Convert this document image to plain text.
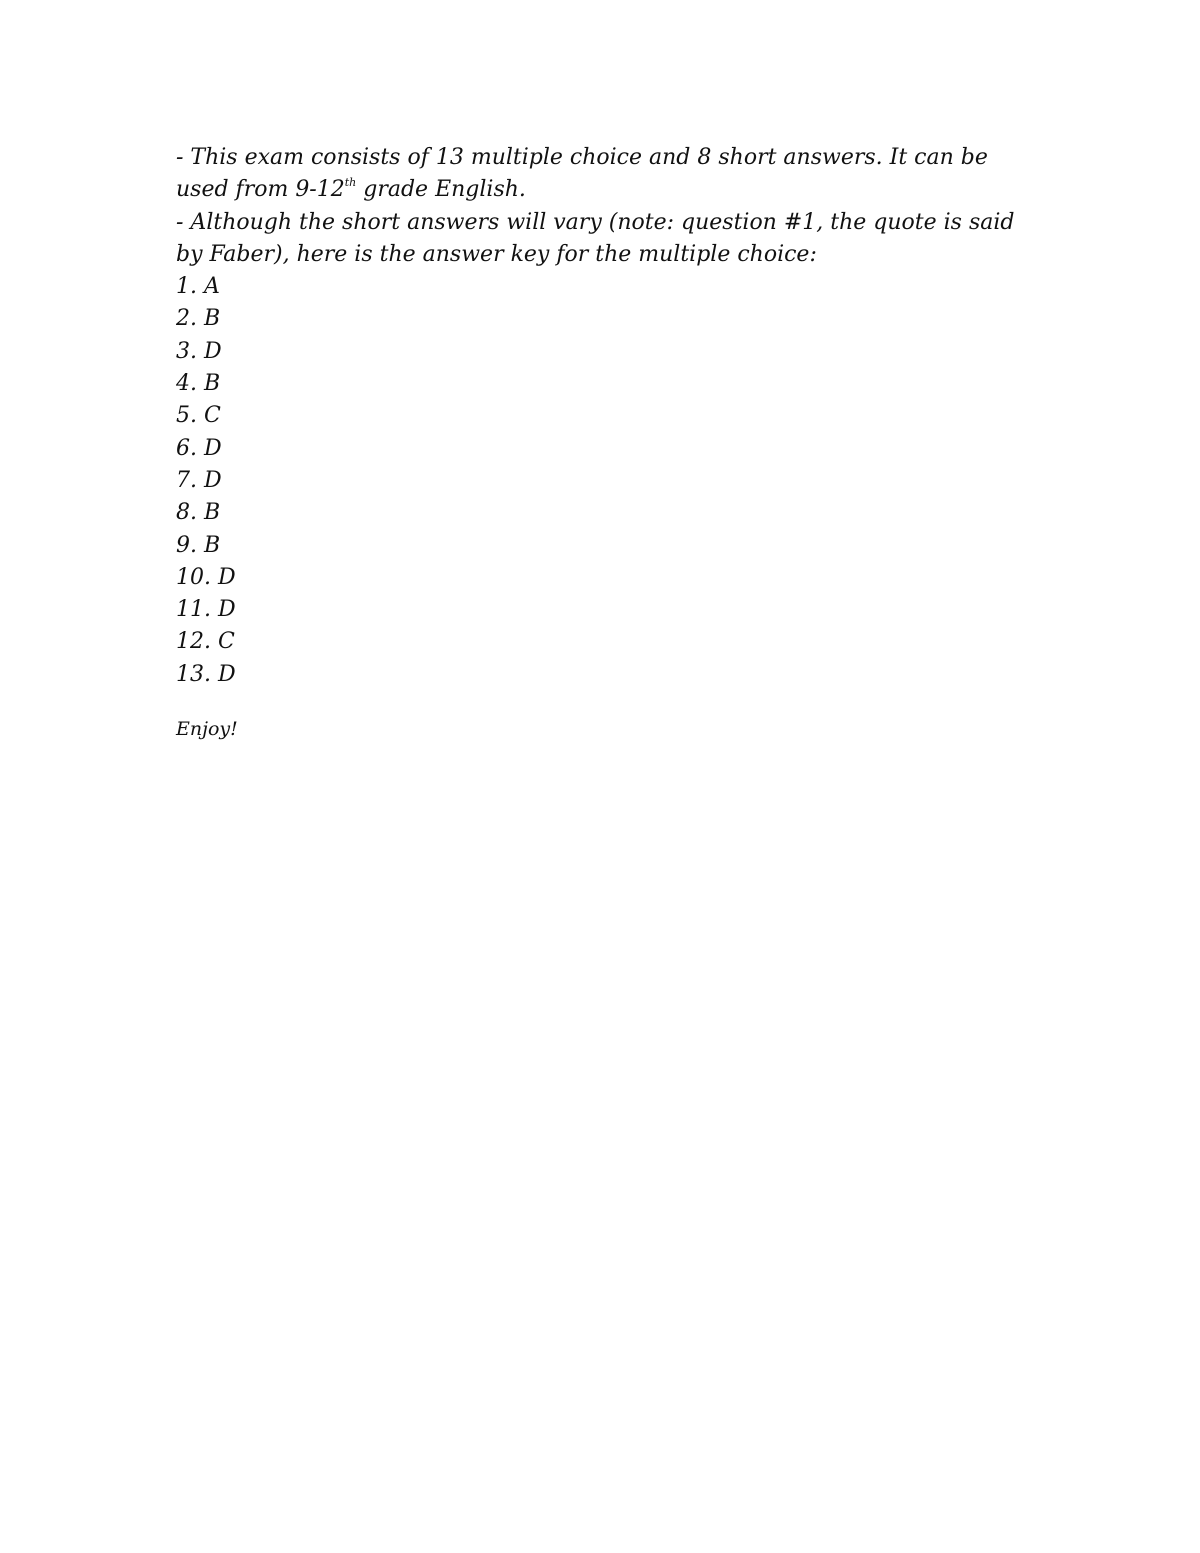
- This exam consists of 13 multiple choice and 8 short answers. It can be

used from 9-12th grade English.

- Although the short answers will vary (note: question #1, the quote is said

by Faber), here is the answer key for the multiple choice:

1. A
2. B
3. D
4. B
5. C
6. D
7. D
8. B
9. B
10. D
11. D
12. C
13. D

Enjoy!
